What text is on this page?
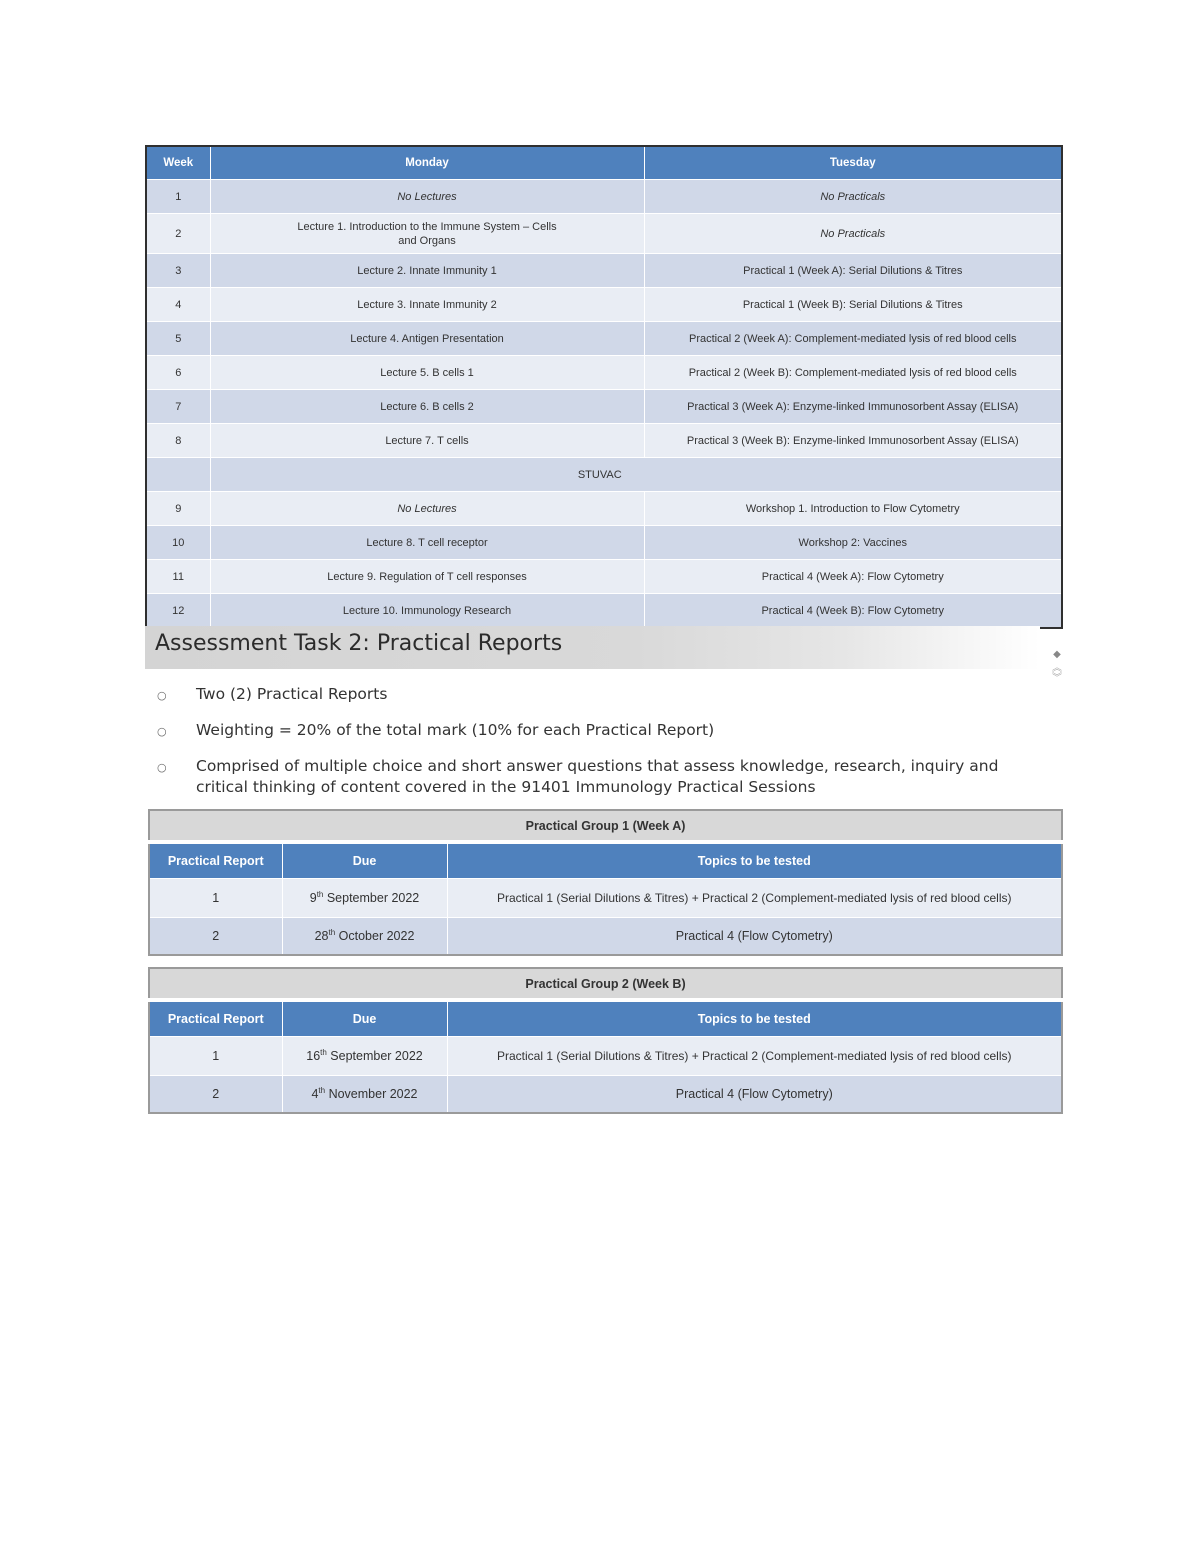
Week	Monday	Tuesday
1	No Lectures	No Practicals
2	Lecture 1. Introduction to the Immune System – Cells and Organs	No Practicals
3	Lecture 2. Innate Immunity 1	Practical 1 (Week A): Serial Dilutions & Titres
4	Lecture 3. Innate Immunity 2	Practical 1 (Week B): Serial Dilutions & Titres
5	Lecture 4. Antigen Presentation	Practical 2 (Week A): Complement-mediated lysis of red blood cells
6	Lecture 5. B cells 1	Practical 2 (Week B): Complement-mediated lysis of red blood cells
7	Lecture 6. B cells 2	Practical 3 (Week A): Enzyme-linked Immunosorbent Assay (ELISA)
8	Lecture 7. T cells	Practical 3 (Week B): Enzyme-linked Immunosorbent Assay (ELISA)
	STUVAC	
9	No Lectures	Workshop 1. Introduction to Flow Cytometry
10	Lecture 8. T cell receptor	Workshop 2: Vaccines
11	Lecture 9. Regulation of T cell responses	Practical 4 (Week A): Flow Cytometry
12	Lecture 10. Immunology Research	Practical 4 (Week B): Flow Cytometry
Assessment Task 2: Practical Reports	◆
︽
︾
○ Two (2) Practical Reports
○ Weighting = 20% of the total mark (10% for each Practical Report)
○ Comprised of multiple choice and short answer questions that assess knowledge, research, inquiry and critical thinking of content covered in the 91401 Immunology Practical Sessions
Practical Group 1 (Week A)		
Practical Report	Due	Topics to be tested
1	9th September 2022	Practical 1 (Serial Dilutions & Titres) + Practical 2 (Complement-mediated lysis of red blood cells)
2	28th October 2022	Practical 4 (Flow Cytometry)
Practical Group 2 (Week B)		
Practical Report	Due	Topics to be tested
1	16th September 2022	Practical 1 (Serial Dilutions & Titres) + Practical 2 (Complement-mediated lysis of red blood cells)
2	4th November 2022	Practical 4 (Flow Cytometry)
